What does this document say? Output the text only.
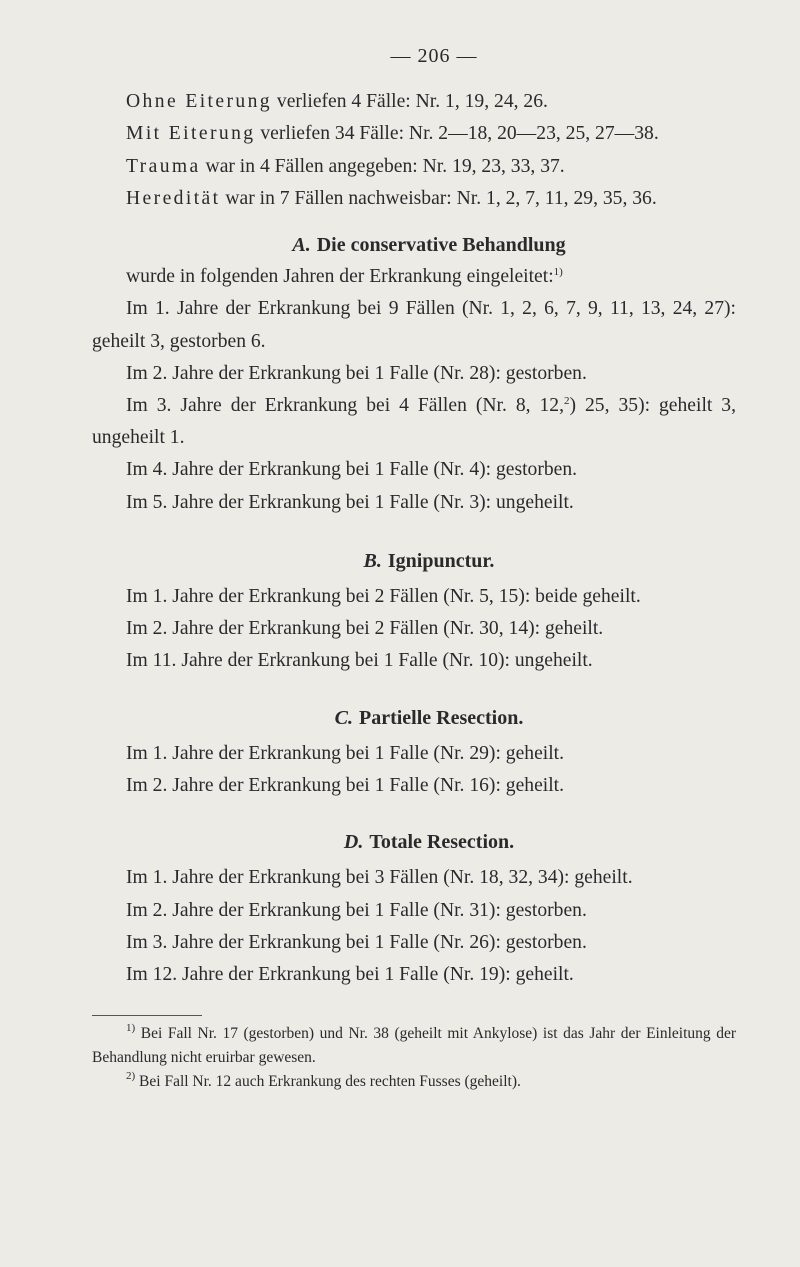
— 206 —

Ohne Eiterung verliefen 4 Fälle: Nr. 1, 19, 24, 26.

Mit Eiterung verliefen 34 Fälle: Nr. 2—18, 20—23, 25, 27—38.

Trauma war in 4 Fällen angegeben: Nr. 19, 23, 33, 37.

Heredität war in 7 Fällen nachweisbar: Nr. 1, 2, 7, 11, 29, 35, 36.

A. Die conservative Behandlung

wurde in folgenden Jahren der Erkrankung eingeleitet:$^{1)}$

Im 1. Jahre der Erkrankung bei 9 Fällen (Nr. 1, 2, 6, 7, 9, 11, 13, 24, 27): geheilt 3, gestorben 6.

Im 2. Jahre der Erkrankung bei 1 Falle (Nr. 28): gestorben.

Im 3. Jahre der Erkrankung bei 4 Fällen (Nr. 8, 12,$^2$) 25, 35): geheilt 3, ungeheilt 1.

Im 4. Jahre der Erkrankung bei 1 Falle (Nr. 4): gestorben.

Im 5. Jahre der Erkrankung bei 1 Falle (Nr. 3): ungeheilt.

B. Ignipunctur.

Im 1. Jahre der Erkrankung bei 2 Fällen (Nr. 5, 15): beide geheilt.

Im 2. Jahre der Erkrankung bei 2 Fällen (Nr. 30, 14): geheilt.

Im 11. Jahre der Erkrankung bei 1 Falle (Nr. 10): ungeheilt.

C. Partielle Resection.

Im 1. Jahre der Erkrankung bei 1 Falle (Nr. 29): geheilt.

Im 2. Jahre der Erkrankung bei 1 Falle (Nr. 16): geheilt.

D. Totale Resection.

Im 1. Jahre der Erkrankung bei 3 Fällen (Nr. 18, 32, 34): geheilt.

Im 2. Jahre der Erkrankung bei 1 Falle (Nr. 31): gestorben.

Im 3. Jahre der Erkrankung bei 1 Falle (Nr. 26): gestorben.

Im 12. Jahre der Erkrankung bei 1 Falle (Nr. 19): geheilt.

$^{1)}$ Bei Fall Nr. 17 (gestorben) und Nr. 38 (geheilt mit Ankylose) ist das Jahr der Einleitung der Behandlung nicht eruirbar gewesen.

$^{2)}$ Bei Fall Nr. 12 auch Erkrankung des rechten Fusses (geheilt).
